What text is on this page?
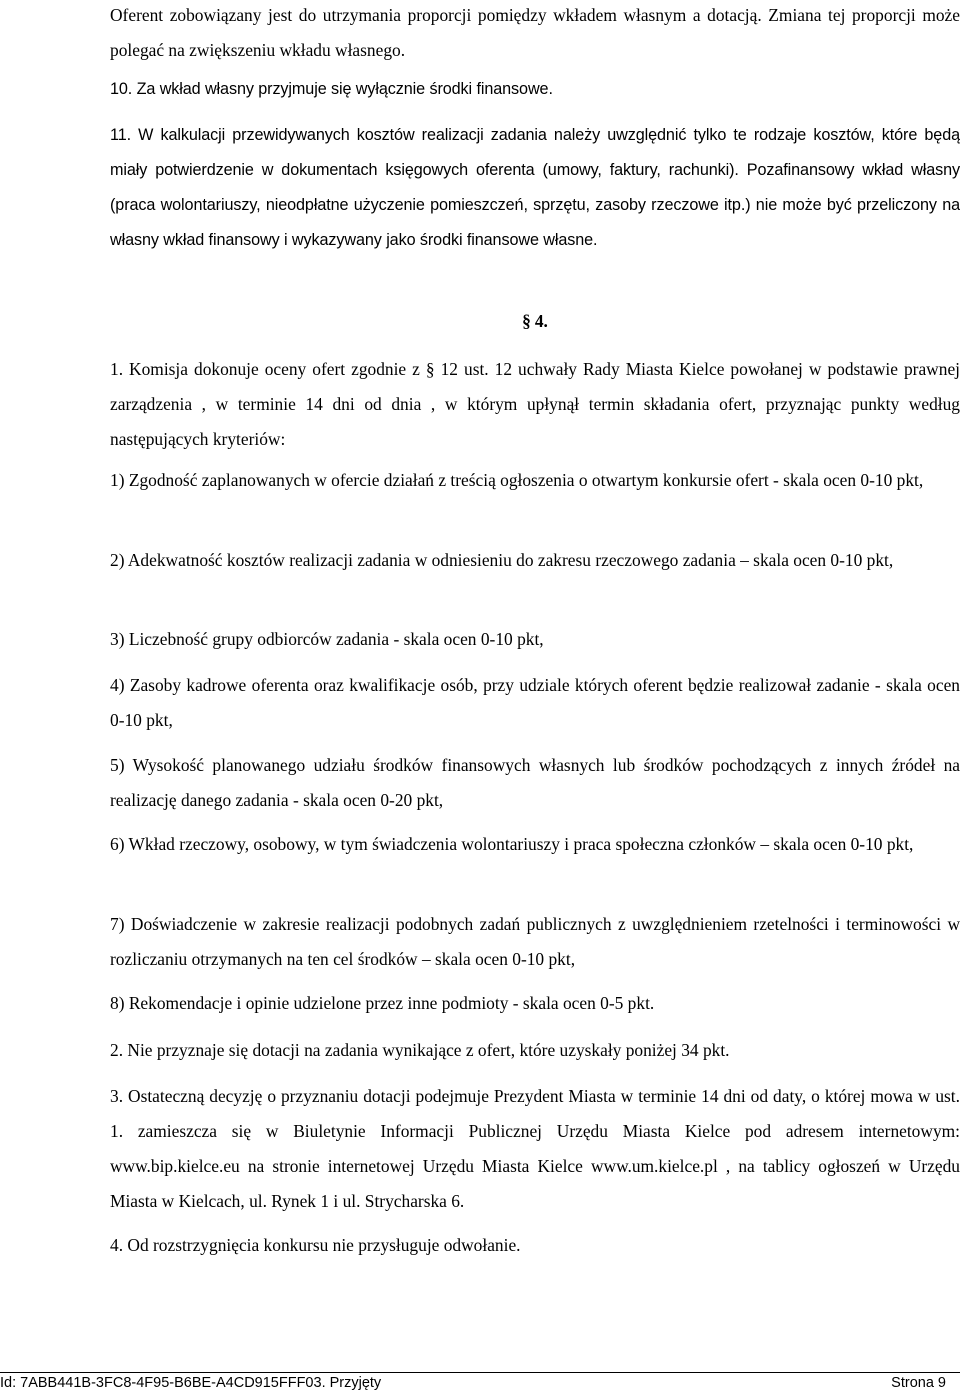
Oferent zobowiązany jest do utrzymania proporcji pomiędzy wkładem własnym a dotacją. Zmiana tej proporcji może polegać na zwiększeniu wkładu własnego.

10. Za wkład własny przyjmuje się wyłącznie środki finansowe.

11. W kalkulacji przewidywanych kosztów realizacji zadania należy uwzględnić tylko te rodzaje kosztów, które będą miały potwierdzenie w dokumentach księgowych oferenta (umowy, faktury, rachunki). Pozafinansowy wkład własny (praca wolontariuszy, nieodpłatne użyczenie pomieszczeń, sprzętu, zasoby rzeczowe itp.) nie może być przeliczony na własny wkład finansowy i wykazywany jako środki finansowe własne.

§ 4.

1. Komisja dokonuje oceny ofert zgodnie z § 12 ust. 12 uchwały Rady Miasta Kielce powołanej w podstawie prawnej zarządzenia , w terminie 14 dni od dnia , w którym upłynął termin składania ofert, przyznając punkty według następujących kryteriów:

1) Zgodność zaplanowanych w ofercie działań z treścią ogłoszenia o otwartym konkursie ofert - skala ocen 0-10 pkt,

2) Adekwatność kosztów realizacji zadania w odniesieniu do zakresu rzeczowego zadania – skala ocen 0-10 pkt,

3) Liczebność grupy odbiorców zadania - skala ocen 0-10 pkt,

4) Zasoby kadrowe oferenta oraz kwalifikacje osób, przy udziale których oferent będzie realizował zadanie - skala ocen 0-10 pkt,

5) Wysokość planowanego udziału środków finansowych własnych lub środków pochodzących z innych źródeł na realizację danego zadania - skala ocen 0-20 pkt,

6) Wkład rzeczowy, osobowy, w tym świadczenia wolontariuszy i praca społeczna członków – skala ocen 0-10 pkt,

7) Doświadczenie w zakresie realizacji podobnych zadań publicznych z uwzględnieniem rzetelności i terminowości w rozliczaniu otrzymanych na ten cel środków – skala ocen 0-10 pkt,

8) Rekomendacje i opinie udzielone przez inne podmioty - skala ocen 0-5 pkt.

2. Nie przyznaje się dotacji na zadania wynikające z ofert, które uzyskały poniżej 34 pkt.

3. Ostateczną decyzję o przyznaniu dotacji podejmuje Prezydent Miasta w terminie 14 dni od daty, o której mowa w ust. 1. zamieszcza się w Biuletynie Informacji Publicznej Urzędu Miasta Kielce pod adresem internetowym: www.bip.kielce.eu na stronie internetowej Urzędu Miasta Kielce www.um.kielce.pl , na tablicy ogłoszeń w Urzędu Miasta w Kielcach, ul. Rynek 1 i ul. Strycharska 6.

4. Od rozstrzygnięcia konkursu nie przysługuje odwołanie.

Id: 7ABB441B-3FC8-4F95-B6BE-A4CD915FFF03. Przyjęty	Strona 9
